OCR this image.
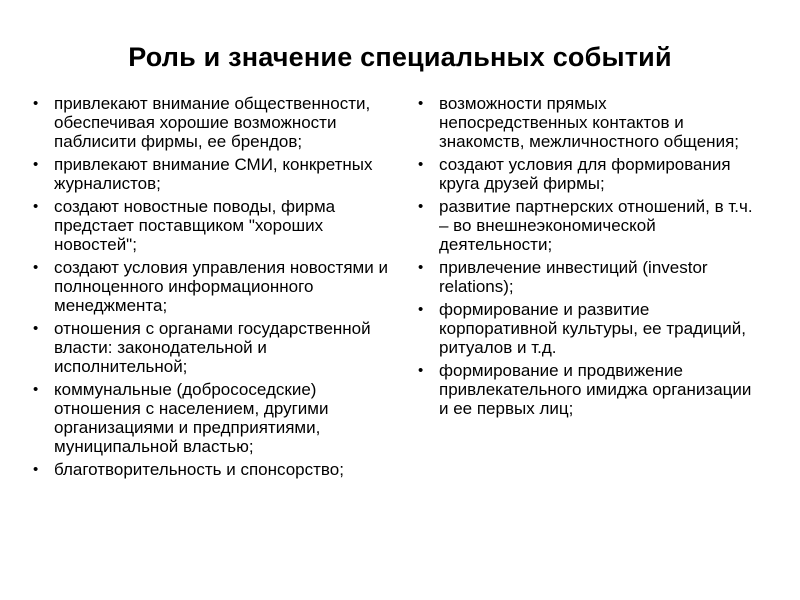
Роль и значение специальных событий
• привлекают внимание общественности, обеспечивая хорошие возможности паблисити фирмы, ее брендов;
• привлекают внимание СМИ, конкретных журналистов;
• создают новостные поводы, фирма предстает поставщиком "хороших новостей";
• создают условия управления новостями и полноценного информационного менеджмента;
• отношения с органами государственной власти: законодательной и исполнительной;
• коммунальные (добрососедские) отношения с населением, другими организациями и предприятиями, муниципальной властью;
• благотворительность и спонсорство;
• возможности прямых непосредственных контактов и знакомств, межличностного общения;
• создают условия для формирования круга друзей фирмы;
• развитие партнерских отношений, в т.ч. – во внешнеэкономической деятельности;
• привлечение инвестиций (investor relations);
• формирование и развитие корпоративной культуры, ее традиций, ритуалов и т.д.
• формирование и продвижение привлекательного имиджа организации и ее первых лиц;
